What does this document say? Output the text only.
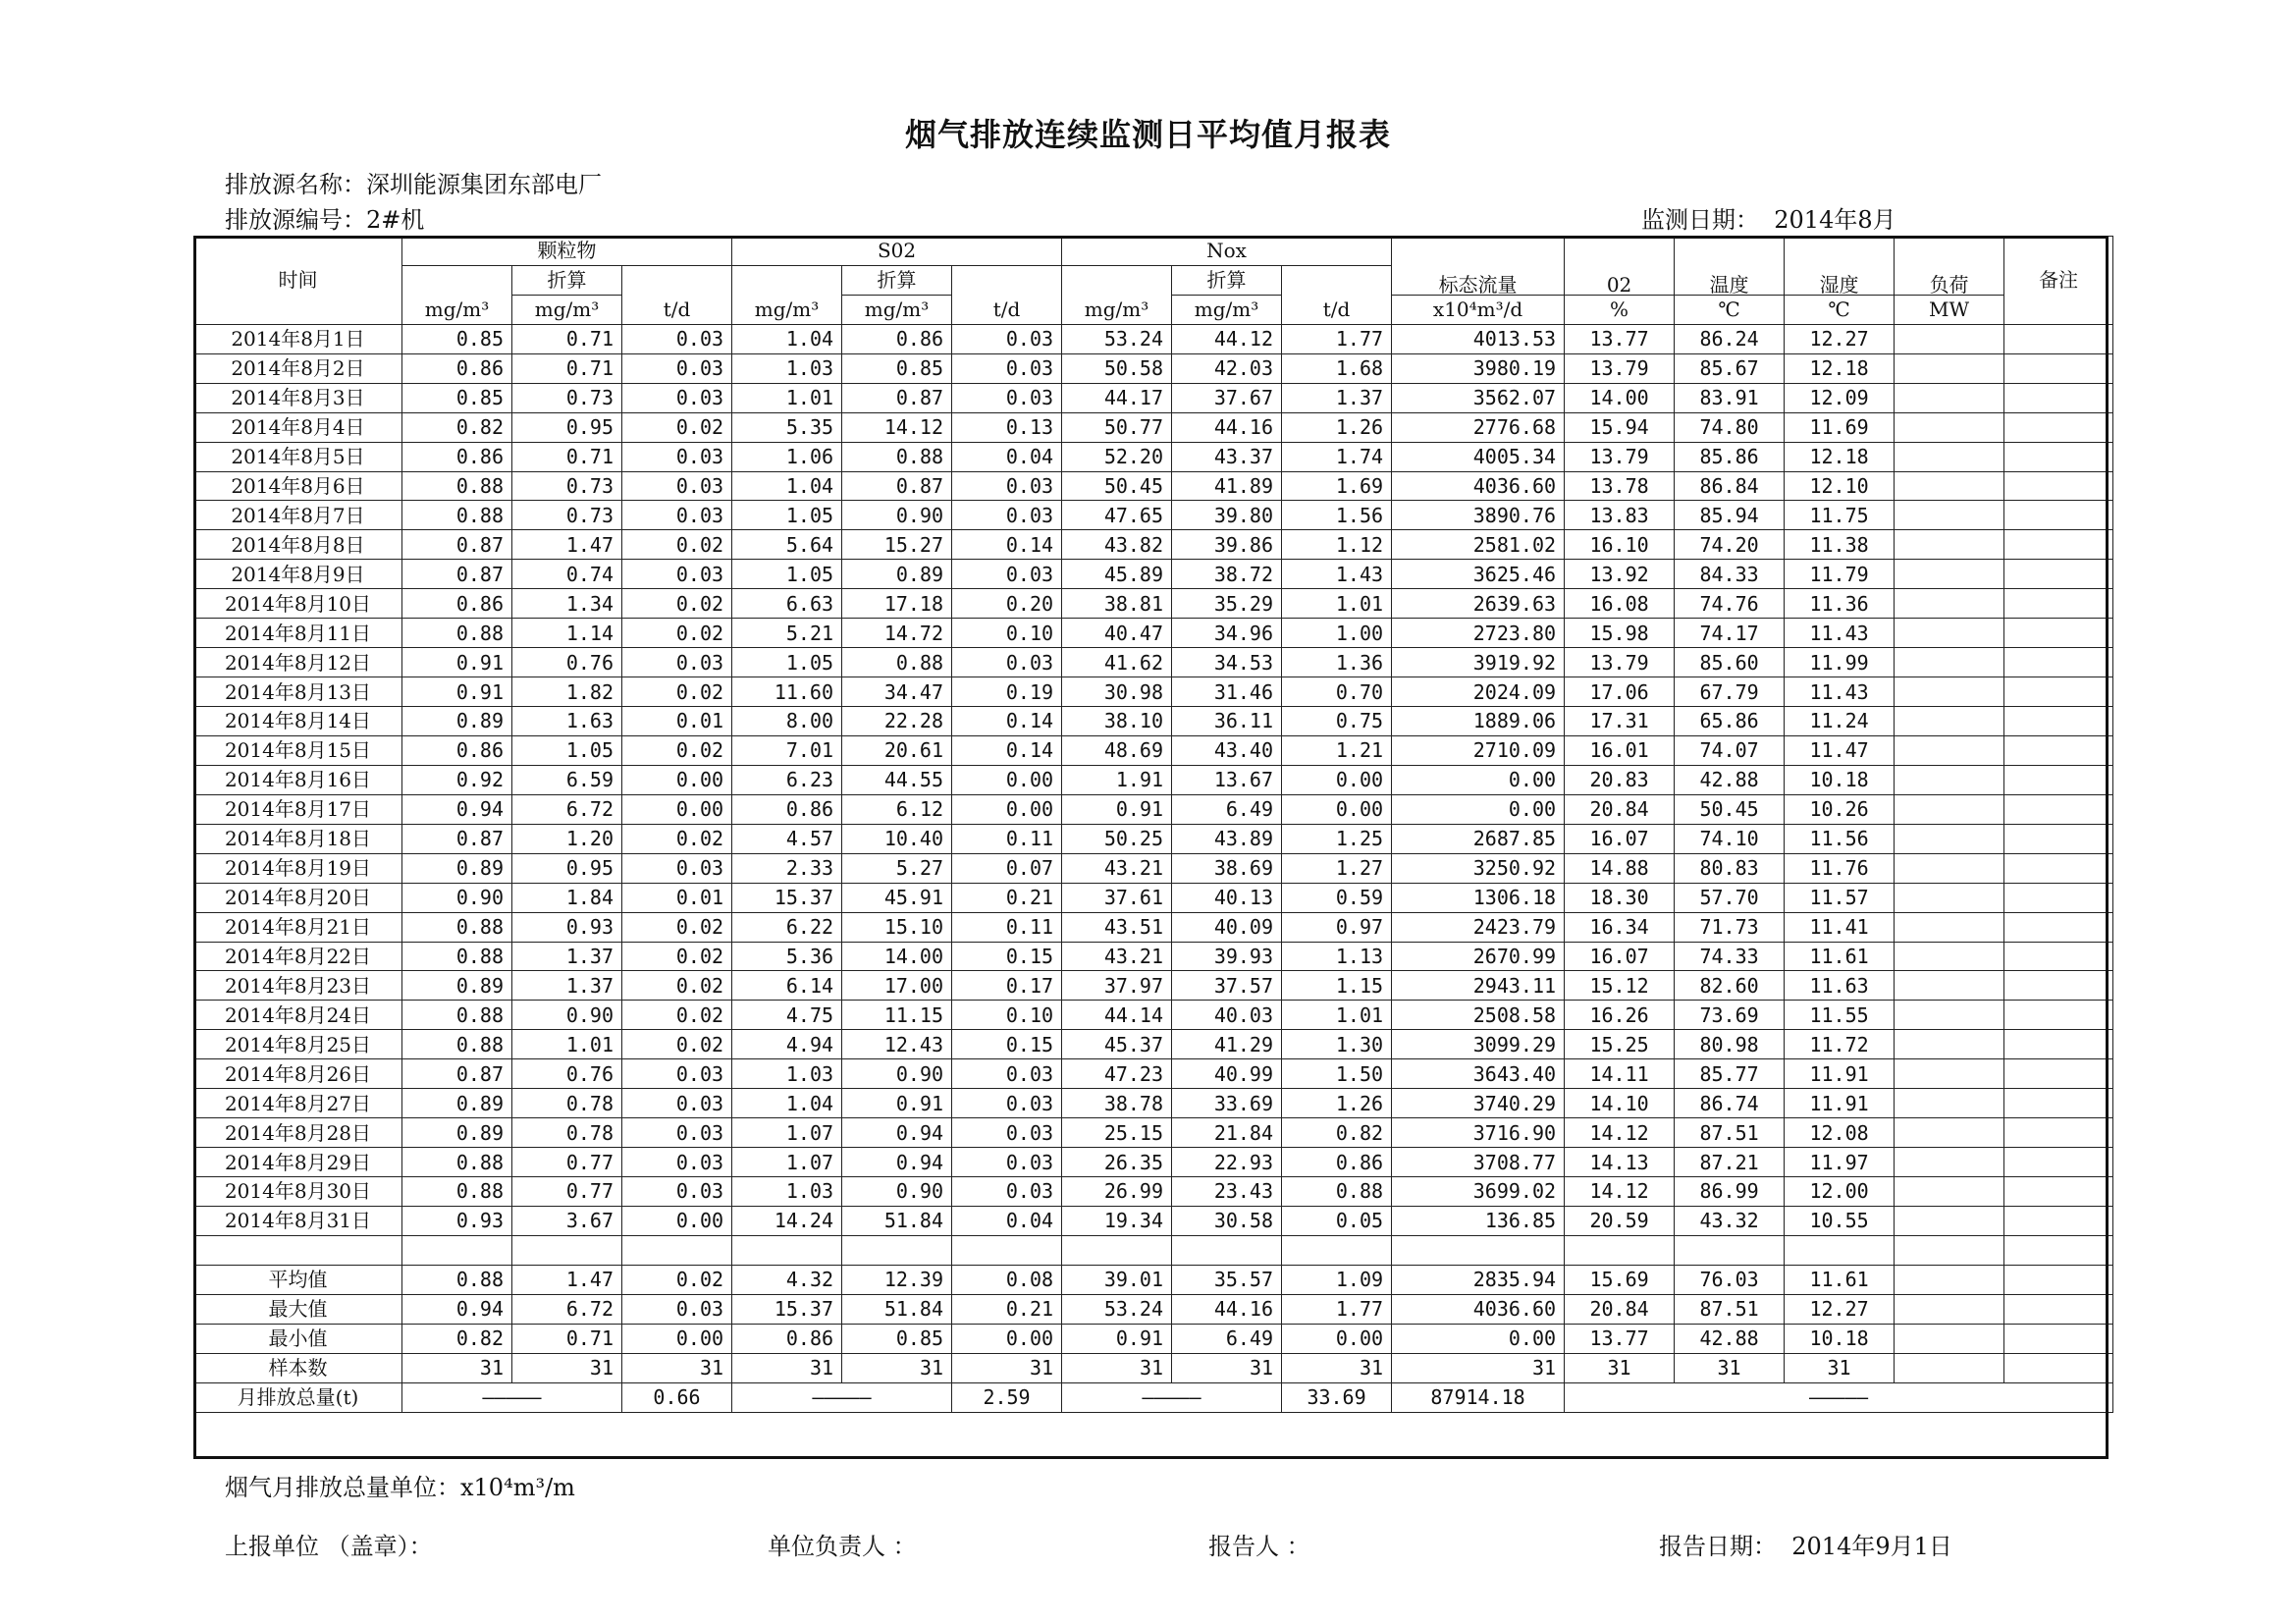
烟气排放连续监测日平均值月报表
排放源名称：深圳能源集团东部电厂
排放源编号：2#机	监测日期： 2014年8月
时间	颗粒物			S02			Nox			标态流量	02	温度	湿度	负荷	备注
		折算			折算			折算							
	mg/m³	mg/m³	t/d	mg/m³	mg/m³	t/d	mg/m³	mg/m³	t/d	x10⁴m³/d	%	℃	℃	MW	
2014年8月1日	0.85	0.71	0.03	1.04	0.86	0.03	53.24	44.12	1.77	4013.53	13.77	86.24	12.27		
2014年8月2日	0.86	0.71	0.03	1.03	0.85	0.03	50.58	42.03	1.68	3980.19	13.79	85.67	12.18		
2014年8月3日	0.85	0.73	0.03	1.01	0.87	0.03	44.17	37.67	1.37	3562.07	14.00	83.91	12.09		
2014年8月4日	0.82	0.95	0.02	5.35	14.12	0.13	50.77	44.16	1.26	2776.68	15.94	74.80	11.69		
2014年8月5日	0.86	0.71	0.03	1.06	0.88	0.04	52.20	43.37	1.74	4005.34	13.79	85.86	12.18		
2014年8月6日	0.88	0.73	0.03	1.04	0.87	0.03	50.45	41.89	1.69	4036.60	13.78	86.84	12.10		
2014年8月7日	0.88	0.73	0.03	1.05	0.90	0.03	47.65	39.80	1.56	3890.76	13.83	85.94	11.75		
2014年8月8日	0.87	1.47	0.02	5.64	15.27	0.14	43.82	39.86	1.12	2581.02	16.10	74.20	11.38		
2014年8月9日	0.87	0.74	0.03	1.05	0.89	0.03	45.89	38.72	1.43	3625.46	13.92	84.33	11.79		
2014年8月10日	0.86	1.34	0.02	6.63	17.18	0.20	38.81	35.29	1.01	2639.63	16.08	74.76	11.36		
2014年8月11日	0.88	1.14	0.02	5.21	14.72	0.10	40.47	34.96	1.00	2723.80	15.98	74.17	11.43		
2014年8月12日	0.91	0.76	0.03	1.05	0.88	0.03	41.62	34.53	1.36	3919.92	13.79	85.60	11.99		
2014年8月13日	0.91	1.82	0.02	11.60	34.47	0.19	30.98	31.46	0.70	2024.09	17.06	67.79	11.43		
2014年8月14日	0.89	1.63	0.01	8.00	22.28	0.14	38.10	36.11	0.75	1889.06	17.31	65.86	11.24		
2014年8月15日	0.86	1.05	0.02	7.01	20.61	0.14	48.69	43.40	1.21	2710.09	16.01	74.07	11.47		
2014年8月16日	0.92	6.59	0.00	6.23	44.55	0.00	1.91	13.67	0.00	0.00	20.83	42.88	10.18		
2014年8月17日	0.94	6.72	0.00	0.86	6.12	0.00	0.91	6.49	0.00	0.00	20.84	50.45	10.26		
2014年8月18日	0.87	1.20	0.02	4.57	10.40	0.11	50.25	43.89	1.25	2687.85	16.07	74.10	11.56		
2014年8月19日	0.89	0.95	0.03	2.33	5.27	0.07	43.21	38.69	1.27	3250.92	14.88	80.83	11.76		
2014年8月20日	0.90	1.84	0.01	15.37	45.91	0.21	37.61	40.13	0.59	1306.18	18.30	57.70	11.57		
2014年8月21日	0.88	0.93	0.02	6.22	15.10	0.11	43.51	40.09	0.97	2423.79	16.34	71.73	11.41		
2014年8月22日	0.88	1.37	0.02	5.36	14.00	0.15	43.21	39.93	1.13	2670.99	16.07	74.33	11.61		
2014年8月23日	0.89	1.37	0.02	6.14	17.00	0.17	37.97	37.57	1.15	2943.11	15.12	82.60	11.63		
2014年8月24日	0.88	0.90	0.02	4.75	11.15	0.10	44.14	40.03	1.01	2508.58	16.26	73.69	11.55		
2014年8月25日	0.88	1.01	0.02	4.94	12.43	0.15	45.37	41.29	1.30	3099.29	15.25	80.98	11.72		
2014年8月26日	0.87	0.76	0.03	1.03	0.90	0.03	47.23	40.99	1.50	3643.40	14.11	85.77	11.91		
2014年8月27日	0.89	0.78	0.03	1.04	0.91	0.03	38.78	33.69	1.26	3740.29	14.10	86.74	11.91		
2014年8月28日	0.89	0.78	0.03	1.07	0.94	0.03	25.15	21.84	0.82	3716.90	14.12	87.51	12.08		
2014年8月29日	0.88	0.77	0.03	1.07	0.94	0.03	26.35	22.93	0.86	3708.77	14.13	87.21	11.97		
2014年8月30日	0.88	0.77	0.03	1.03	0.90	0.03	26.99	23.43	0.88	3699.02	14.12	86.99	12.00		
2014年8月31日	0.93	3.67	0.00	14.24	51.84	0.04	19.34	30.58	0.05	136.85	20.59	43.32	10.55		

平均值	0.88	1.47	0.02	4.32	12.39	0.08	39.01	35.57	1.09	2835.94	15.69	76.03	11.61		
最大值	0.94	6.72	0.03	15.37	51.84	0.21	53.24	44.16	1.77	4036.60	20.84	87.51	12.27		
最小值	0.82	0.71	0.00	0.86	0.85	0.00	0.91	6.49	0.00	0.00	13.77	42.88	10.18		
样本数	31	31	31	31	31	31	31	31	31	31	31	31	31		
月排放总量(t)	—————		0.66	—————		2.59	—————		33.69	87914.18	—————				
烟气月排放总量单位：x10⁴m³/m
上报单位 （盖章）：	单位负责人 ：	报告人 ：	报告日期： 2014年9月1日
